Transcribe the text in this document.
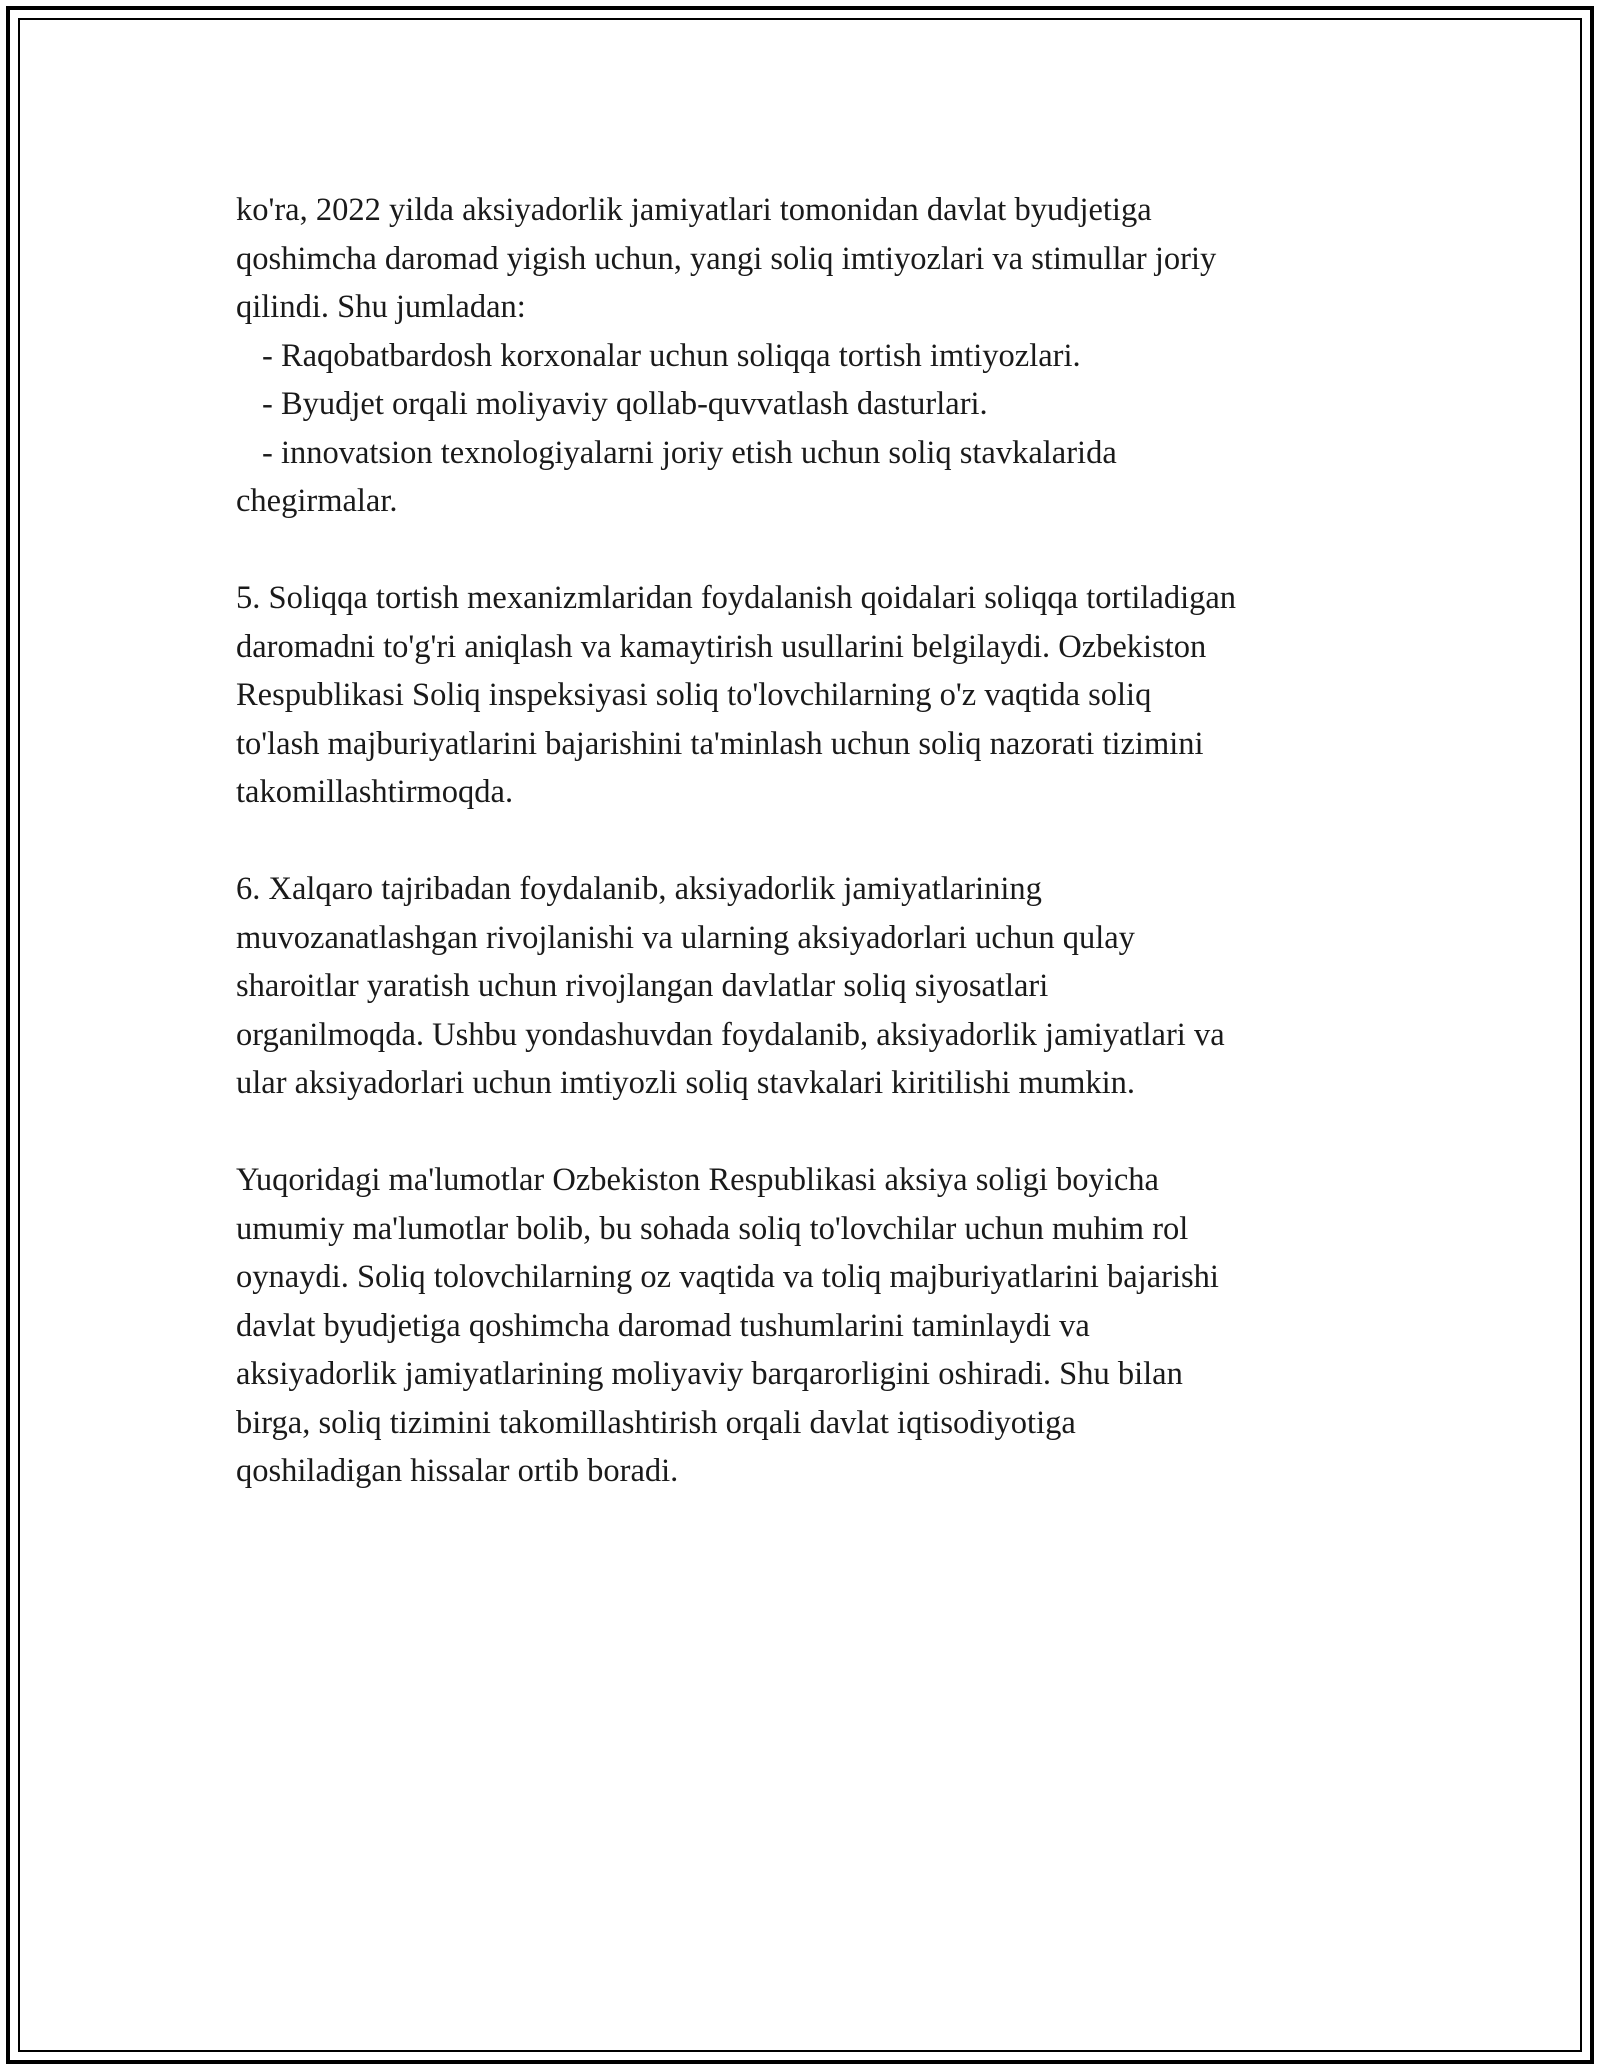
ko'ra, 2022 yilda aksiyadorlik jamiyatlari tomonidan davlat byudjetiga
qoshimcha daromad yigish uchun, yangi soliq imtiyozlari va stimullar joriy
qilindi. Shu jumladan:
- Raqobatbardosh korxonalar uchun soliqqa tortish imtiyozlari.
- Byudjet orqali moliyaviy qollab-quvvatlash dasturlari.
- innovatsion texnologiyalarni joriy etish uchun soliq stavkalarida
chegirmalar.
5. Soliqqa tortish mexanizmlaridan foydalanish qoidalari soliqqa tortiladigan
daromadni to'g'ri aniqlash va kamaytirish usullarini belgilaydi. Ozbekiston
Respublikasi Soliq inspeksiyasi soliq to'lovchilarning o'z vaqtida soliq
to'lash majburiyatlarini bajarishini ta'minlash uchun soliq nazorati tizimini
takomillashtirmoqda.
6. Xalqaro tajribadan foydalanib, aksiyadorlik jamiyatlarining
muvozanatlashgan rivojlanishi va ularning aksiyadorlari uchun qulay
sharoitlar yaratish uchun rivojlangan davlatlar soliq siyosatlari
organilmoqda. Ushbu yondashuvdan foydalanib, aksiyadorlik jamiyatlari va
ular aksiyadorlari uchun imtiyozli soliq stavkalari kiritilishi mumkin.
Yuqoridagi ma'lumotlar Ozbekiston Respublikasi aksiya soligi boyicha
umumiy ma'lumotlar bolib, bu sohada soliq to'lovchilar uchun muhim rol
oynaydi. Soliq tolovchilarning oz vaqtida va toliq majburiyatlarini bajarishi
davlat byudjetiga qoshimcha daromad tushumlarini taminlaydi va
aksiyadorlik jamiyatlarining moliyaviy barqarorligini oshiradi. Shu bilan
birga, soliq tizimini takomillashtirish orqali davlat iqtisodiyotiga
qoshiladigan hissalar ortib boradi.
